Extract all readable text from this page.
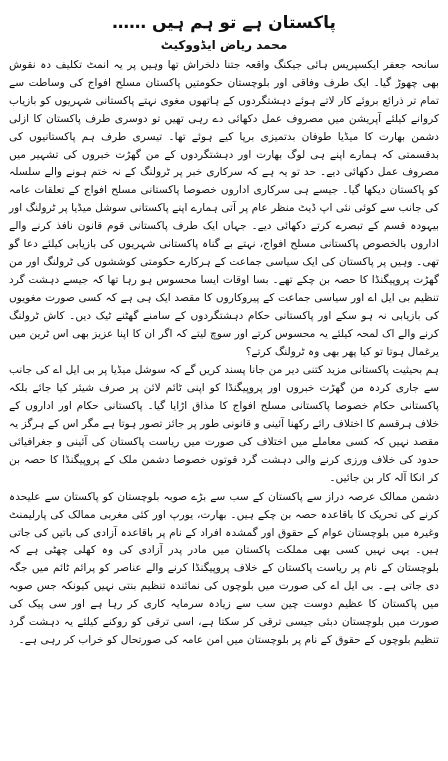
پاکستان ہے تو ہم ہیں ……
محمد ریاض ایڈووکیٹ

سانحہ جعفر ایکسپریس ہائی جیکنگ واقعہ جتنا دلخراش تھا وہیں پر یہ انمٹ تکلیف دہ نقوش بھی چھوڑ گیا۔ ایک طرف وفاقی اور بلوچستان حکومتیں پاکستان مسلح افواج کی وساطت سے تمام تر ذرائع بروئے کار لاتے ہوئے دہشتگردوں کے ہاتھوں مغوی نہتے پاکستانی شہریوں کو بازیاب کروانے کیلئے آپریشن میں مصروف عمل دکھائی دے رہی تھیں تو دوسری طرف پاکستان کا ازلی دشمن بھارت کا میڈیا طوفان بدتمیزی برپا کیے ہوئے تھا۔ تیسری طرف ہم پاکستانیوں کی بدقسمتی کہ ہمارے اپنے ہی لوگ بھارت اور دہشتگردوں کے من گھڑت خبروں کی تشہیر میں مصروف عمل دکھائی دیے۔ حد تو یہ ہے کہ سرکاری خبر پر ٹرولنگ کے نہ ختم ہونے والے سلسلہ کو پاکستان دیکھا گیا۔ جیسے ہی سرکاری اداروں خصوصا پاکستانی مسلح افواج کے تعلقات عامہ کی جانب سے کوئی نئی اپ ڈیٹ منظر عام پر آتی ہمارے اپنے پاکستانی سوشل میڈیا پر ٹرولنگ اور بیہودہ قسم کے تبصرے کرتے دکھائی دیے۔ جہاں ایک طرف پاکستانی قوم قانون نافذ کرنے والے اداروں بالخصوص پاکستانی مسلح افواج، نہتے بے گناہ پاکستانی شہریوں کی بازیابی کیلئے دعا گو تھی۔ وہیں پر پاکستان کی ایک سیاسی جماعت کے ہرکارے حکومتی کوششوں کی ٹرولنگ اور من گھڑت پروپیگنڈا کا حصہ بن چکے تھے۔ بسا اوقات ایسا محسوس ہو رہا تھا کہ جیسے دہشت گرد تنظیم بی ایل اے اور سیاسی جماعت کے پیروکاروں کا مقصد ایک ہی ہے کہ کسی صورت مغویوں کی بازیابی نہ ہو سکے اور پاکستانی حکام دہشتگردوں کے سامنے گھٹنے ٹیک دیں۔ کاش ٹرولنگ کرنے والے اک لمحہ کیلئے یہ محسوس کرتے اور سوچ لیتے کہ اگر ان کا اپنا عزیز بھی اس ٹرین میں یرغمال ہوتا تو کیا پھر بھی وہ ٹرولنگ کرتے؟

ہم بحیثیت پاکستانی مزید کتنی دیر من جانا پسند کریں گے کہ سوشل میڈیا پر بی ایل اے کی جانب سے جاری کردہ من گھڑت خبروں اور پروپیگنڈا کو اپنی ٹائم لائن پر صرف شیئر کیا جائے بلکہ پاکستانی حکام خصوصا پاکستانی مسلح افواج کا مذاق اڑایا گیا۔ پاکستانی حکام اور اداروں کے خلاف ہرقسم کا اختلاف رائے رکھنا آئینی و قانونی طور پر جائز تصور ہوتا ہے مگر اس کے ہرگز یہ مقصد نہیں کہ کسی معاملے میں اختلاف کی صورت میں ریاست پاکستان کی آئینی و جغرافیائی حدود کی خلاف ورزی کرنے والی دہشت گرد قوتوں خصوصا دشمن ملک کے پروپیگنڈا کا حصہ بن کر انکا آلہ کار بن جائیں۔

دشمن ممالک عرصہ دراز سے پاکستان کے سب سے بڑے صوبہ بلوچستان کو پاکستان سے علیحدہ کرنے کی تحریک کا باقاعدہ حصہ بن چکے ہیں۔ بھارت، یورپ اور کئی مغربی ممالک کی پارلیمنٹ وغیرہ میں بلوچستان عوام کے حقوق اور گمشدہ افراد کے نام پر باقاعدہ آزادی کی باتیں کی جاتی ہیں۔ یہی نہیں کسی بھی مملکت پاکستان میں مادر پدر آزادی کی وہ کھلی چھٹی ہے کہ بلوچستان کے نام پر ریاست پاکستان کے خلاف پروپیگنڈا کرنے والے عناصر کو پرائم ٹائم میں جگہ دی جاتی ہے۔ بی ایل اے کی صورت میں بلوچوں کی نمائندہ تنظیم بنتی نہیں کیونکہ جس صوبہ میں پاکستان کا عظیم دوست چین سب سے زیادہ سرمایہ کاری کر رہا ہے اور سی پیک کی صورت میں بلوچستان دبئی جیسی ترقی کر سکتا ہے، اسی ترقی کو روکنے کیلئے یہ دہشت گرد تنظیم بلوچوں کے حقوق کے نام پر بلوچستان میں امن عامہ کی صورتحال کو خراب کر رہی ہے۔
